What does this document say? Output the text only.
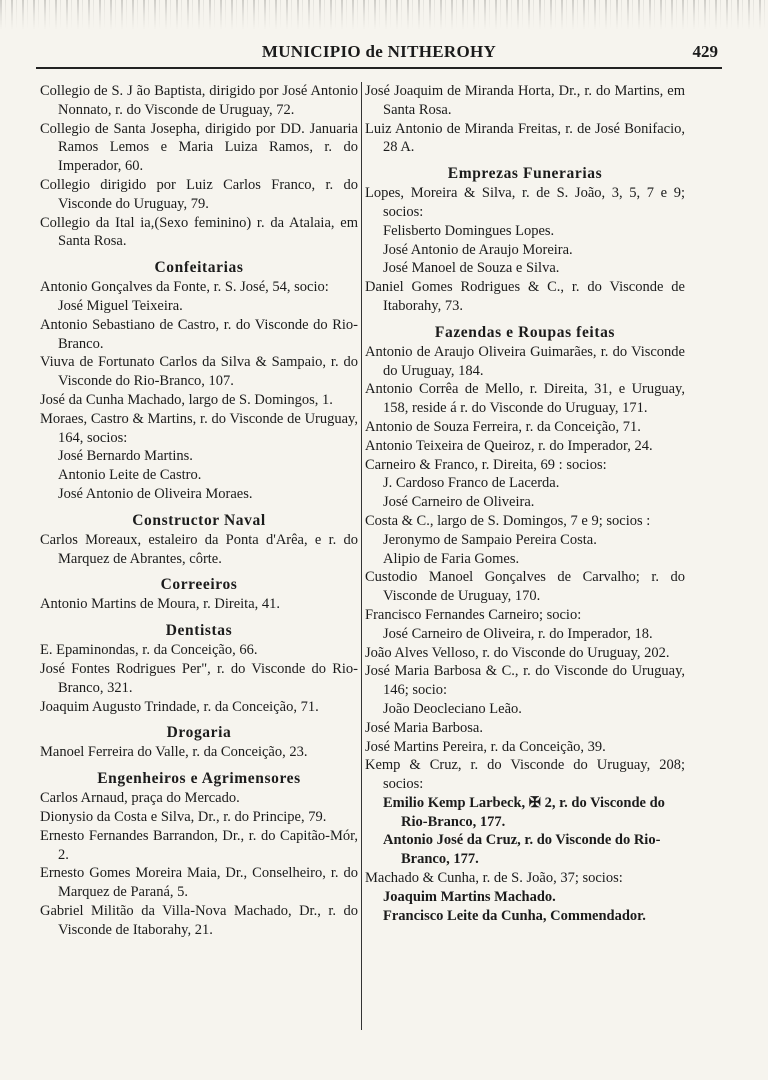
MUNICIPIO de NITHEROHY	429
Collegio de S. J ão Baptista, dirigido por José Antonio Nonnato, r. do Visconde de Uruguay, 72.
Collegio de Santa Josepha, dirigido por DD. Januaria Ramos Lemos e Maria Luiza Ramos, r. do Imperador, 60.
Collegio dirigido por Luiz Carlos Franco, r. do Visconde do Uruguay, 79.
Collegio da Ital ia,(Sexo feminino) r. da Atalaia, em Santa Rosa.
Confeitarias
Antonio Gonçalves da Fonte, r. S. José, 54, socio:
José Miguel Teixeira.
Antonio Sebastiano de Castro, r. do Visconde do Rio-Branco.
Viuva de Fortunato Carlos da Silva & Sampaio, r. do Visconde do Rio-Branco, 107.
José da Cunha Machado, largo de S. Domingos, 1.
Moraes, Castro & Martins, r. do Visconde de Uruguay, 164, socios:
José Bernardo Martins.
Antonio Leite de Castro.
José Antonio de Oliveira Moraes.
Constructor Naval
Carlos Moreaux, estaleiro da Ponta d'Arêa, e r. do Marquez de Abrantes, côrte.
Correeiros
Antonio Martins de Moura, r. Direita, 41.
Dentistas
E. Epaminondas, r. da Conceição, 66.
José Fontes Rodrigues Per", r. do Visconde do Rio-Branco, 321.
Joaquim Augusto Trindade, r. da Conceição, 71.
Drogaria
Manoel Ferreira do Valle, r. da Conceição, 23.
Engenheiros e Agrimensores
Carlos Arnaud, praça do Mercado.
Dionysio da Costa e Silva, Dr., r. do Principe, 79.
Ernesto Fernandes Barrandon, Dr., r. do Capitão-Mór, 2.
Ernesto Gomes Moreira Maia, Dr., Conselheiro, r. do Marquez de Paraná, 5.
Gabriel Militão da Villa-Nova Machado, Dr., r. do Visconde de Itaborahy, 21.
José Joaquim de Miranda Horta, Dr., r. do Martins, em Santa Rosa.
Luiz Antonio de Miranda Freitas, r. de José Bonifacio, 28 A.
Emprezas Funerarias
Lopes, Moreira & Silva, r. de S. João, 3, 5, 7 e 9; socios:
Felisberto Domingues Lopes.
José Antonio de Araujo Moreira.
José Manoel de Souza e Silva.
Daniel Gomes Rodrigues & C., r. do Visconde de Itaborahy, 73.
Fazendas e Roupas feitas
Antonio de Araujo Oliveira Guimarães, r. do Visconde do Uruguay, 184.
Antonio Corrêa de Mello, r. Direita, 31, e Uruguay, 158, reside á r. do Visconde do Uruguay, 171.
Antonio de Souza Ferreira, r. da Conceição, 71.
Antonio Teixeira de Queiroz, r. do Imperador, 24.
Carneiro & Franco, r. Direita, 69 : socios:
J. Cardoso Franco de Lacerda.
José Carneiro de Oliveira.
Costa & C., largo de S. Domingos, 7 e 9; socios :
Jeronymo de Sampaio Pereira Costa.
Alipio de Faria Gomes.
Custodio Manoel Gonçalves de Carvalho; r. do Visconde de Uruguay, 170.
Francisco Fernandes Carneiro; socio:
José Carneiro de Oliveira, r. do Imperador, 18.
João Alves Velloso, r. do Visconde do Uruguay, 202.
José Maria Barbosa & C., r. do Visconde do Uruguay, 146; socio:
João Deocleciano Leão.
José Maria Barbosa.
José Martins Pereira, r. da Conceição, 39.
Kemp & Cruz, r. do Visconde do Uruguay, 208; socios:
Emilio Kemp Larbeck, ✠ 2, r. do Visconde do Rio-Branco, 177.
Antonio José da Cruz, r. do Visconde do Rio-Branco, 177.
Machado & Cunha, r. de S. João, 37; socios:
Joaquim Martins Machado.
Francisco Leite da Cunha, Commendador.
